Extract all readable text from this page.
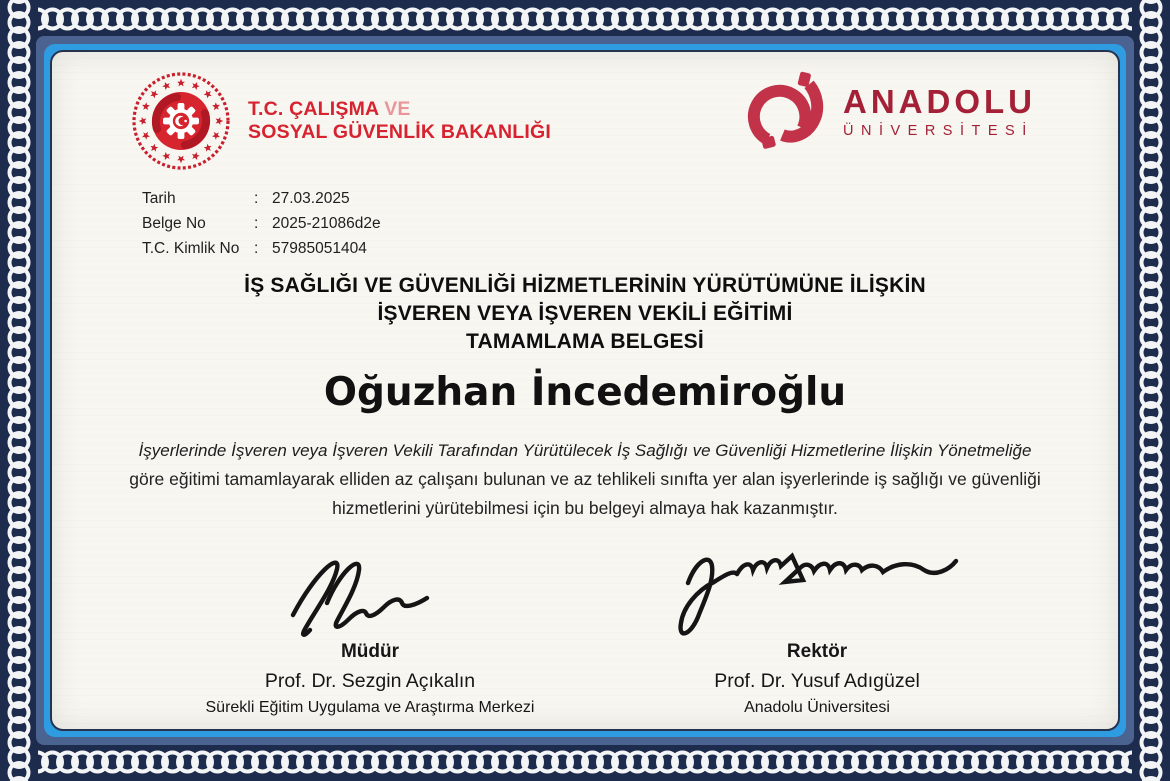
T.C. ÇALIŞMA VE
SOSYAL GÜVENLİK BAKANLIĞI
ANADOLU
ÜNİVERSİTESİ
Tarih	: 27.03.2025
Belge No	: 2025-21086d2e
T.C. Kimlik No : 57985051404
İŞ SAĞLIĞI VE GÜVENLİĞİ HİZMETLERİNİN YÜRÜTÜMÜNE İLİŞKİN
İŞVEREN VEYA İŞVEREN VEKİLİ EĞİTİMİ
TAMAMLAMA BELGESİ
Oğuzhan İncedemiroğlu
İşyerlerinde İşveren veya İşveren Vekili Tarafından Yürütülecek İş Sağlığı ve Güvenliği Hizmetlerine İlişkin Yönetmeliğe
göre eğitimi tamamlayarak elliden az çalışanı bulunan ve az tehlikeli sınıfta yer alan işyerlerinde iş sağlığı ve güvenliği
hizmetlerini yürütebilmesi için bu belgeyi almaya hak kazanmıştır.
Müdür
Prof. Dr. Sezgin Açıkalın
Sürekli Eğitim Uygulama ve Araştırma Merkezi
Rektör
Prof. Dr. Yusuf Adıgüzel
Anadolu Üniversitesi
